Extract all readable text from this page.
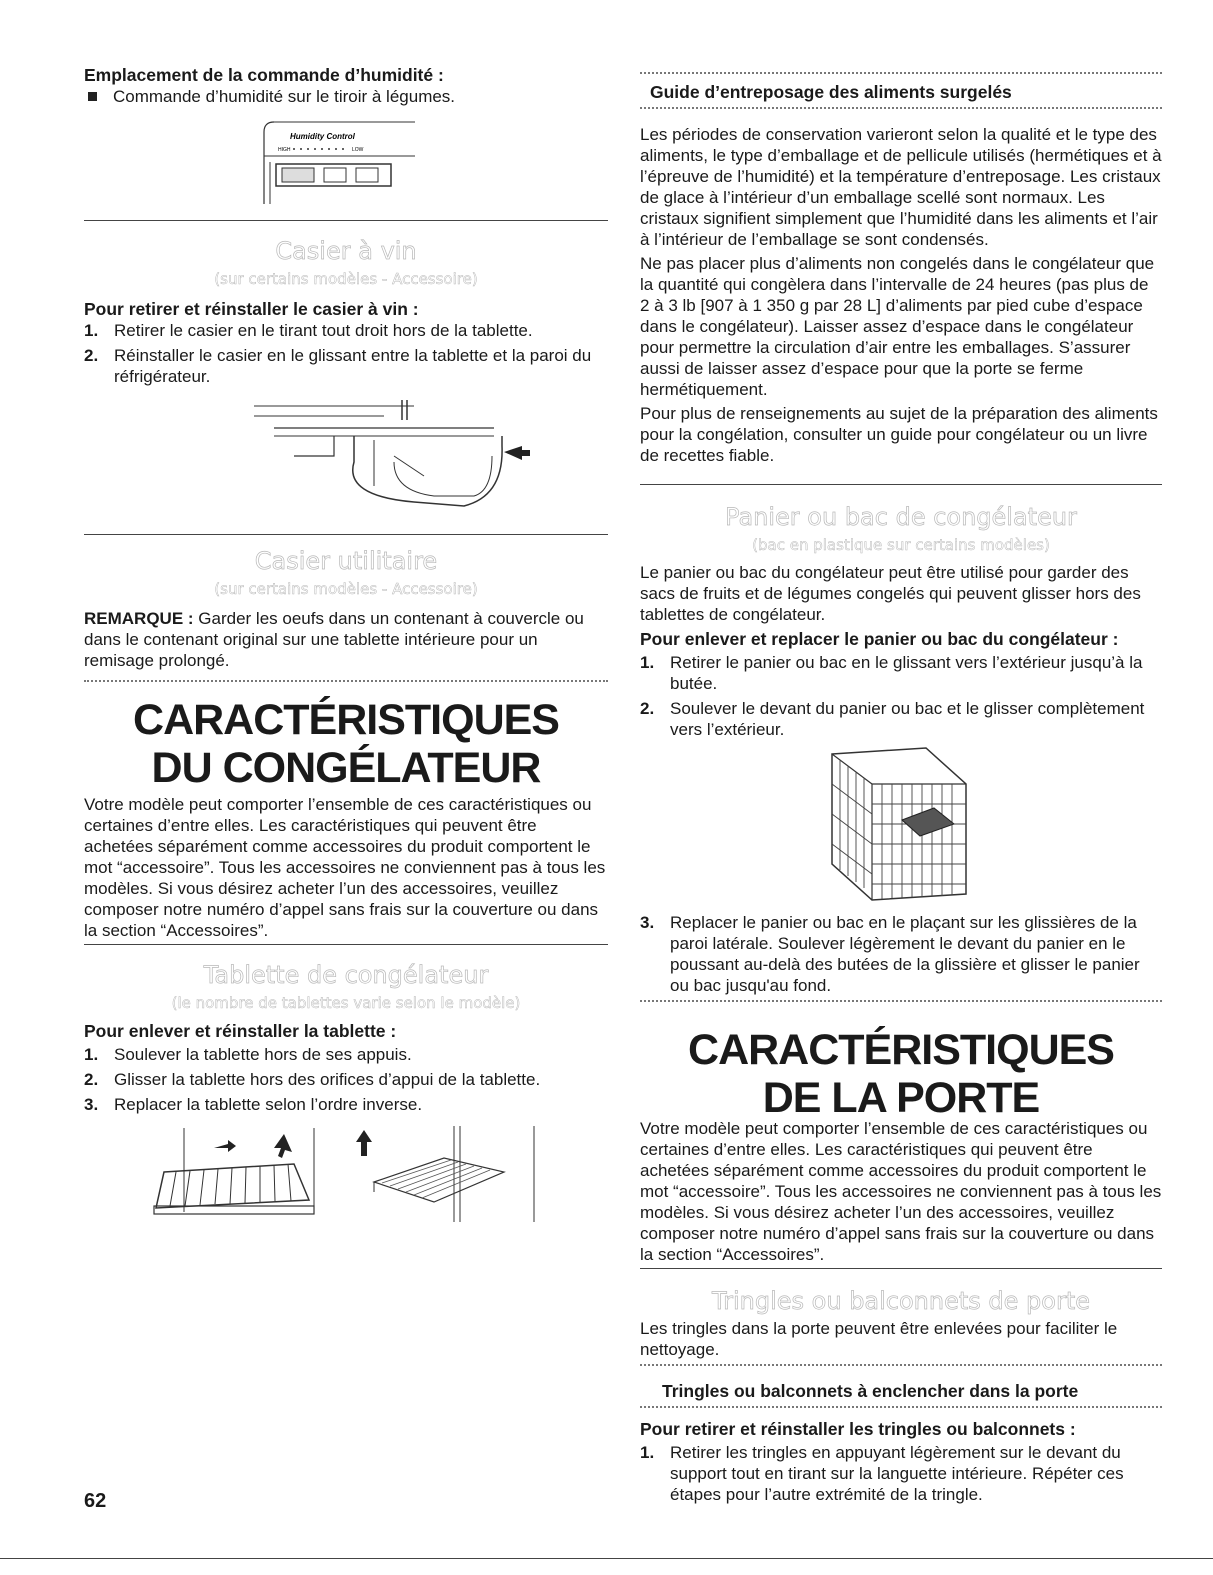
Emplacement de la commande d’humidité :

Commande d’humidité sur le tiroir à légumes.
Humidity Control
HIGH	LOW
Casier à vin
(sur certains modèles - Accessoire)

Pour retirer et réinstaller le casier à vin :

1. Retirer le casier en le tirant tout droit hors de la tablette.
2. Réinstaller le casier en le glissant entre la tablette et la paroi du réfrigérateur.
Casier utilitaire
(sur certains modèles - Accessoire)

REMARQUE : Garder les oeufs dans un contenant à couvercle ou dans le contenant original sur une tablette intérieure pour un remisage prolongé.

CARACTÉRISTIQUES
DU CONGÉLATEUR

Votre modèle peut comporter l’ensemble de ces caractéristiques ou certaines d’entre elles. Les caractéristiques qui peuvent être achetées séparément comme accessoires du produit comportent le mot “accessoire”. Tous les accessoires ne conviennent pas à tous les modèles. Si vous désirez acheter l’un des accessoires, veuillez composer notre numéro d’appel sans frais sur la couverture ou dans la section “Accessoires”.

Tablette de congélateur
(le nombre de tablettes varie selon le modèle)

Pour enlever et réinstaller la tablette :

1. Soulever la tablette hors de ses appuis.
2. Glisser la tablette hors des orifices d’appui de la tablette.
3. Replacer la tablette selon l’ordre inverse.

Guide d’entreposage des aliments surgelés

Les périodes de conservation varieront selon la qualité et le type des aliments, le type d’emballage et de pellicule utilisés (hermétiques et à l’épreuve de l’humidité) et la température d’entreposage. Les cristaux de glace à l’intérieur d’un emballage scellé sont normaux. Les cristaux signifient simplement que l’humidité dans les aliments et l’air à l’intérieur de l’emballage se sont condensés.

Ne pas placer plus d’aliments non congelés dans le congélateur que la quantité qui congèlera dans l’intervalle de 24 heures (pas plus de 2 à 3 lb [907 à 1 350 g par 28 L] d’aliments par pied cube d’espace dans le congélateur). Laisser assez d’espace dans le congélateur pour permettre la circulation d’air entre les emballages. S’assurer aussi de laisser assez d’espace pour que la porte se ferme hermétiquement.

Pour plus de renseignements au sujet de la préparation des aliments pour la congélation, consulter un guide pour congélateur ou un livre de recettes fiable.

Panier ou bac de congélateur
(bac en plastique sur certains modèles)

Le panier ou bac du congélateur peut être utilisé pour garder des sacs de fruits et de légumes congelés qui peuvent glisser hors des tablettes de congélateur.

Pour enlever et replacer le panier ou bac du congélateur :

1. Retirer le panier ou bac en le glissant vers l’extérieur jusqu’à la butée.
2. Soulever le devant du panier ou bac et le glisser complètement vers l’extérieur.
3. Replacer le panier ou bac en le plaçant sur les glissières de la paroi latérale. Soulever légèrement le devant du panier en le poussant au-delà des butées de la glissière et glisser le panier ou bac jusqu'au fond.
CARACTÉRISTIQUES
DE LA PORTE

Votre modèle peut comporter l’ensemble de ces caractéristiques ou certaines d’entre elles. Les caractéristiques qui peuvent être achetées séparément comme accessoires du produit comportent le mot “accessoire”. Tous les accessoires ne conviennent pas à tous les modèles. Si vous désirez acheter l’un des accessoires, veuillez composer notre numéro d’appel sans frais sur la couverture ou dans la section “Accessoires”.

Tringles ou balconnets de porte

Les tringles dans la porte peuvent être enlevées pour faciliter le nettoyage.

Tringles ou balconnets à enclencher dans la porte

Pour retirer et réinstaller les tringles ou balconnets :

1. Retirer les tringles en appuyant légèrement sur le devant du support tout en tirant sur la languette intérieure. Répéter ces étapes pour l’autre extrémité de la tringle.
62
